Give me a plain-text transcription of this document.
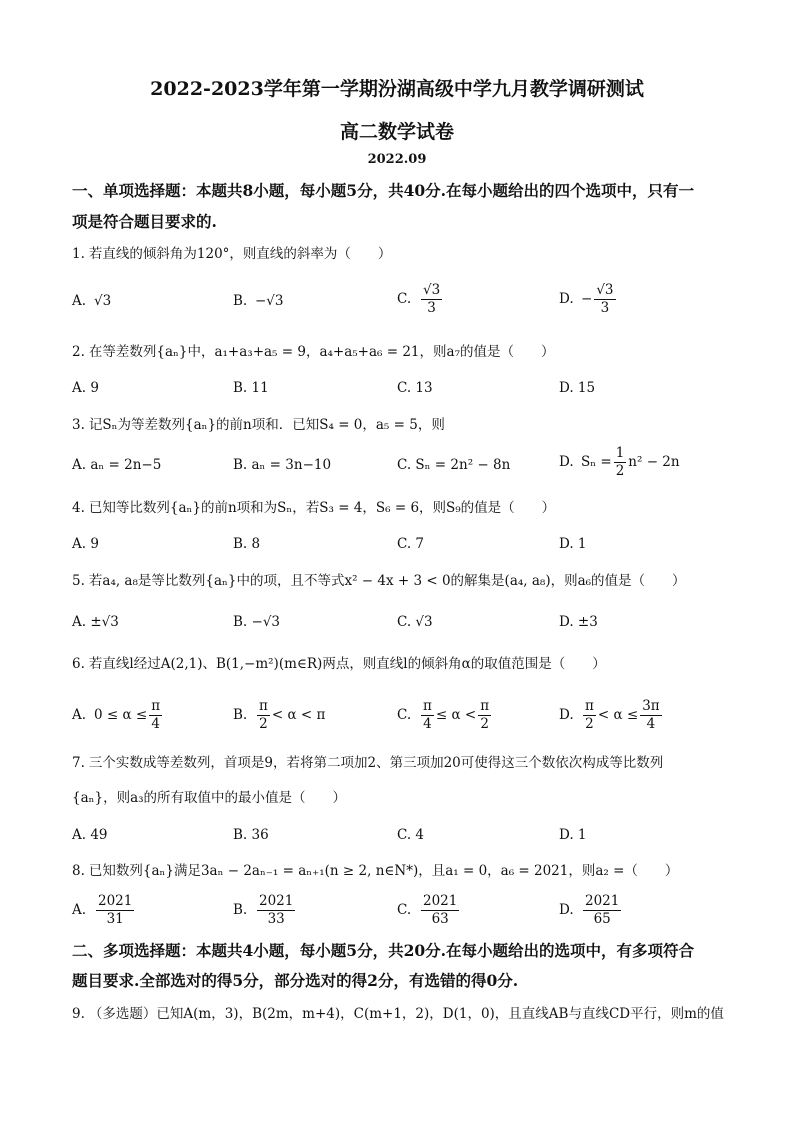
2022-2023学年第一学期汾湖高级中学九月教学调研测试
高二数学试卷
2022.09
一、单项选择题：本题共8小题，每小题5分，共40分.在每小题给出的四个选项中，只有一
项是符合题目要求的.
1. 若直线的倾斜角为120°，则直线的斜率为（　　）
A. √3	B. −√3	C. $\frac{√3}{3}$	D. − $\frac{√3}{3}$
2. 在等差数列{aₙ}中，a₁+a₃+a₅ = 9，a₄+a₅+a₆ = 21，则a₇的值是（　　）
A. 9	B. 11	C. 13	D. 15
3. 记Sₙ为等差数列{aₙ}的前n项和．已知S₄ = 0，a₅ = 5，则
A. aₙ = 2n−5	B. aₙ = 3n−10	C. Sₙ = 2n² − 8n	D. $S_n = \frac{1}{2} n^2 - 2n$
4. 已知等比数列{aₙ}的前n项和为Sₙ，若S₃ = 4，S₆ = 6，则S₉的值是（　　）
A. 9	B. 8	C. 7	D. 1
5. 若a₄, a₈是等比数列{aₙ}中的项，且不等式x² − 4x + 3 < 0的解集是(a₄, a₈)，则a₆的值是（　　）
A. ±√3	B. −√3	C. √3	D. ±3
6. 若直线l经过A(2,1)、B(1,−m²)(m∈R)两点，则直线l的倾斜角α的取值范围是（　　）
A. $0 \le \alpha \le \frac{\pi}{4}$	B. $\frac{\pi}{2} < \alpha < \pi$	C. $\frac{\pi}{4} \le \alpha < \frac{\pi}{2}$	D. $\frac{\pi}{2} < \alpha \le \frac{3\pi}{4}$
7. 三个实数成等差数列，首项是9，若将第二项加2、第三项加20可使得这三个数依次构成等比数列
{aₙ}，则a₃的所有取值中的最小值是（　　）
A. 49	B. 36	C. 4	D. 1
8. 已知数列{aₙ}满足3aₙ − 2aₙ₋₁ = aₙ₊₁(n ≥ 2, n∈N*)，且a₁ = 0，a₆ = 2021，则a₂ =（　　）
A. $\frac{2021}{31}$	B. $\frac{2021}{33}$	C. $\frac{2021}{63}$	D. $\frac{2021}{65}$
二、多项选择题：本题共4小题，每小题5分，共20分.在每小题给出的选项中，有多项符合
题目要求.全部选对的得5分，部分选对的得2分，有选错的得0分.
9. （多选题）已知A(m，3)，B(2m，m+4)，C(m+1，2)，D(1，0)，且直线AB与直线CD平行，则m的值
